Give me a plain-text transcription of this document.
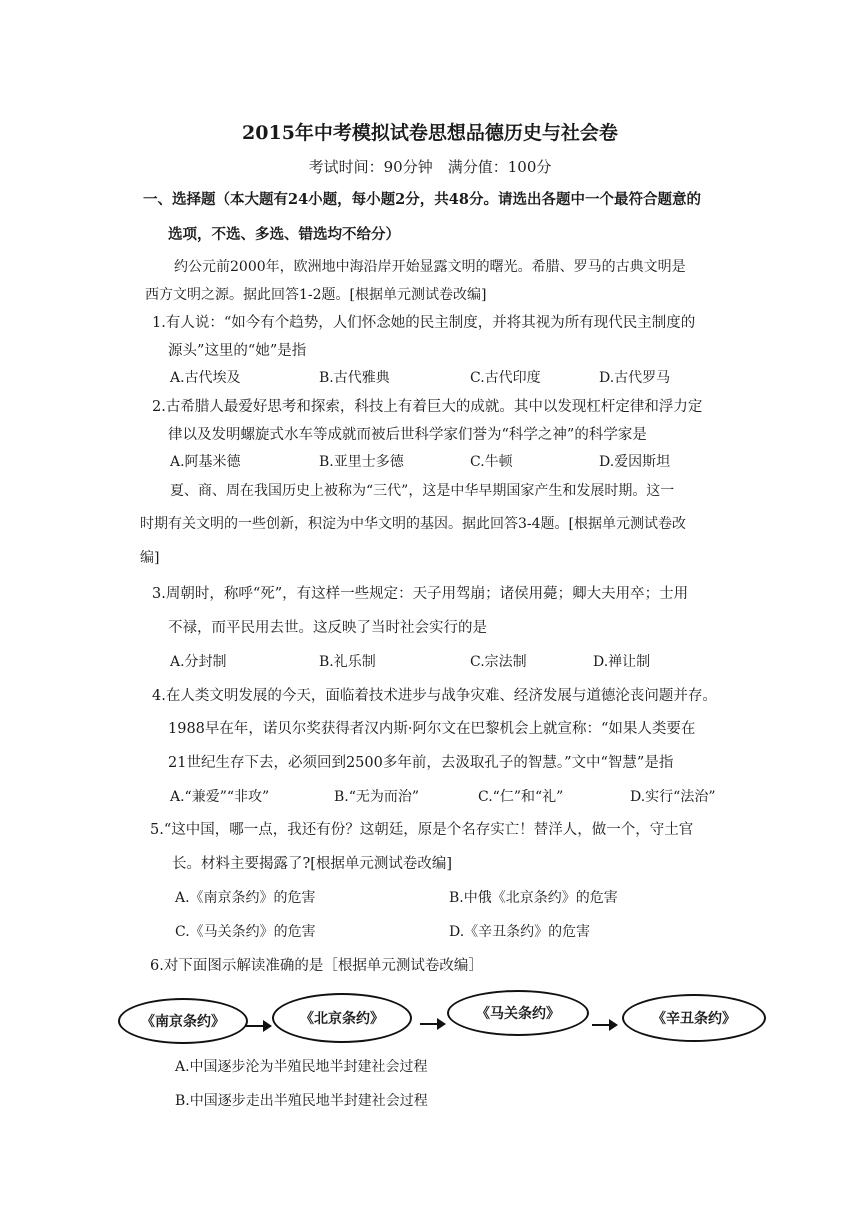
2015年中考模拟试卷思想品德历史与社会卷
考试时间：90分钟　满分值：100分
一、选择题（本大题有24小题，每小题2分，共48分。请选出各题中一个最符合题意的
选项，不选、多选、错选均不给分）
约公元前2000年，欧洲地中海沿岸开始显露文明的曙光。希腊、罗马的古典文明是
西方文明之源。据此回答1-2题。[根据单元测试卷改编]
1.有人说：“如今有个趋势，人们怀念她的民主制度，并将其视为所有现代民主制度的
源头”这里的“她”是指
A.古代埃及	B.古代雅典	C.古代印度	D.古代罗马
2.古希腊人最爱好思考和探索，科技上有着巨大的成就。其中以发现杠杆定律和浮力定
律以及发明螺旋式水车等成就而被后世科学家们誉为“科学之神”的科学家是
A.阿基米德	B.亚里士多德	C.牛顿	D.爱因斯坦
夏、商、周在我国历史上被称为“三代”，这是中华早期国家产生和发展时期。这一
时期有关文明的一些创新，积淀为中华文明的基因。据此回答3-4题。[根据单元测试卷改
编]
3.周朝时，称呼“死”，有这样一些规定：天子用驾崩；诸侯用薨；卿大夫用卒；士用
不禄，而平民用去世。这反映了当时社会实行的是
A.分封制	B.礼乐制	C.宗法制	D.禅让制
4.在人类文明发展的今天，面临着技术进步与战争灾难、经济发展与道德沦丧问题并存。
1988早在年，诺贝尔奖获得者汉内斯·阿尔文在巴黎机会上就宣称：“如果人类要在
21世纪生存下去，必须回到2500多年前，去汲取孔子的智慧。”文中“智慧”是指
A.“兼爱”“非攻”	B.“无为而治”	C.“仁”和“礼”	D.实行“法治”
5.“这中国，哪一点，我还有份？这朝廷，原是个名存实亡！替洋人，做一个，守土官
长。材料主要揭露了?[根据单元测试卷改编]
A.《南京条约》的危害	B.中俄《北京条约》的危害
C.《马关条约》的危害	D.《辛丑条约》的危害
6.对下面图示解读准确的是［根据单元测试卷改编］
《南京条约》	《北京条约》	《马关条约》	《辛丑条约》
A.中国逐步沦为半殖民地半封建社会过程
B.中国逐步走出半殖民地半封建社会过程
